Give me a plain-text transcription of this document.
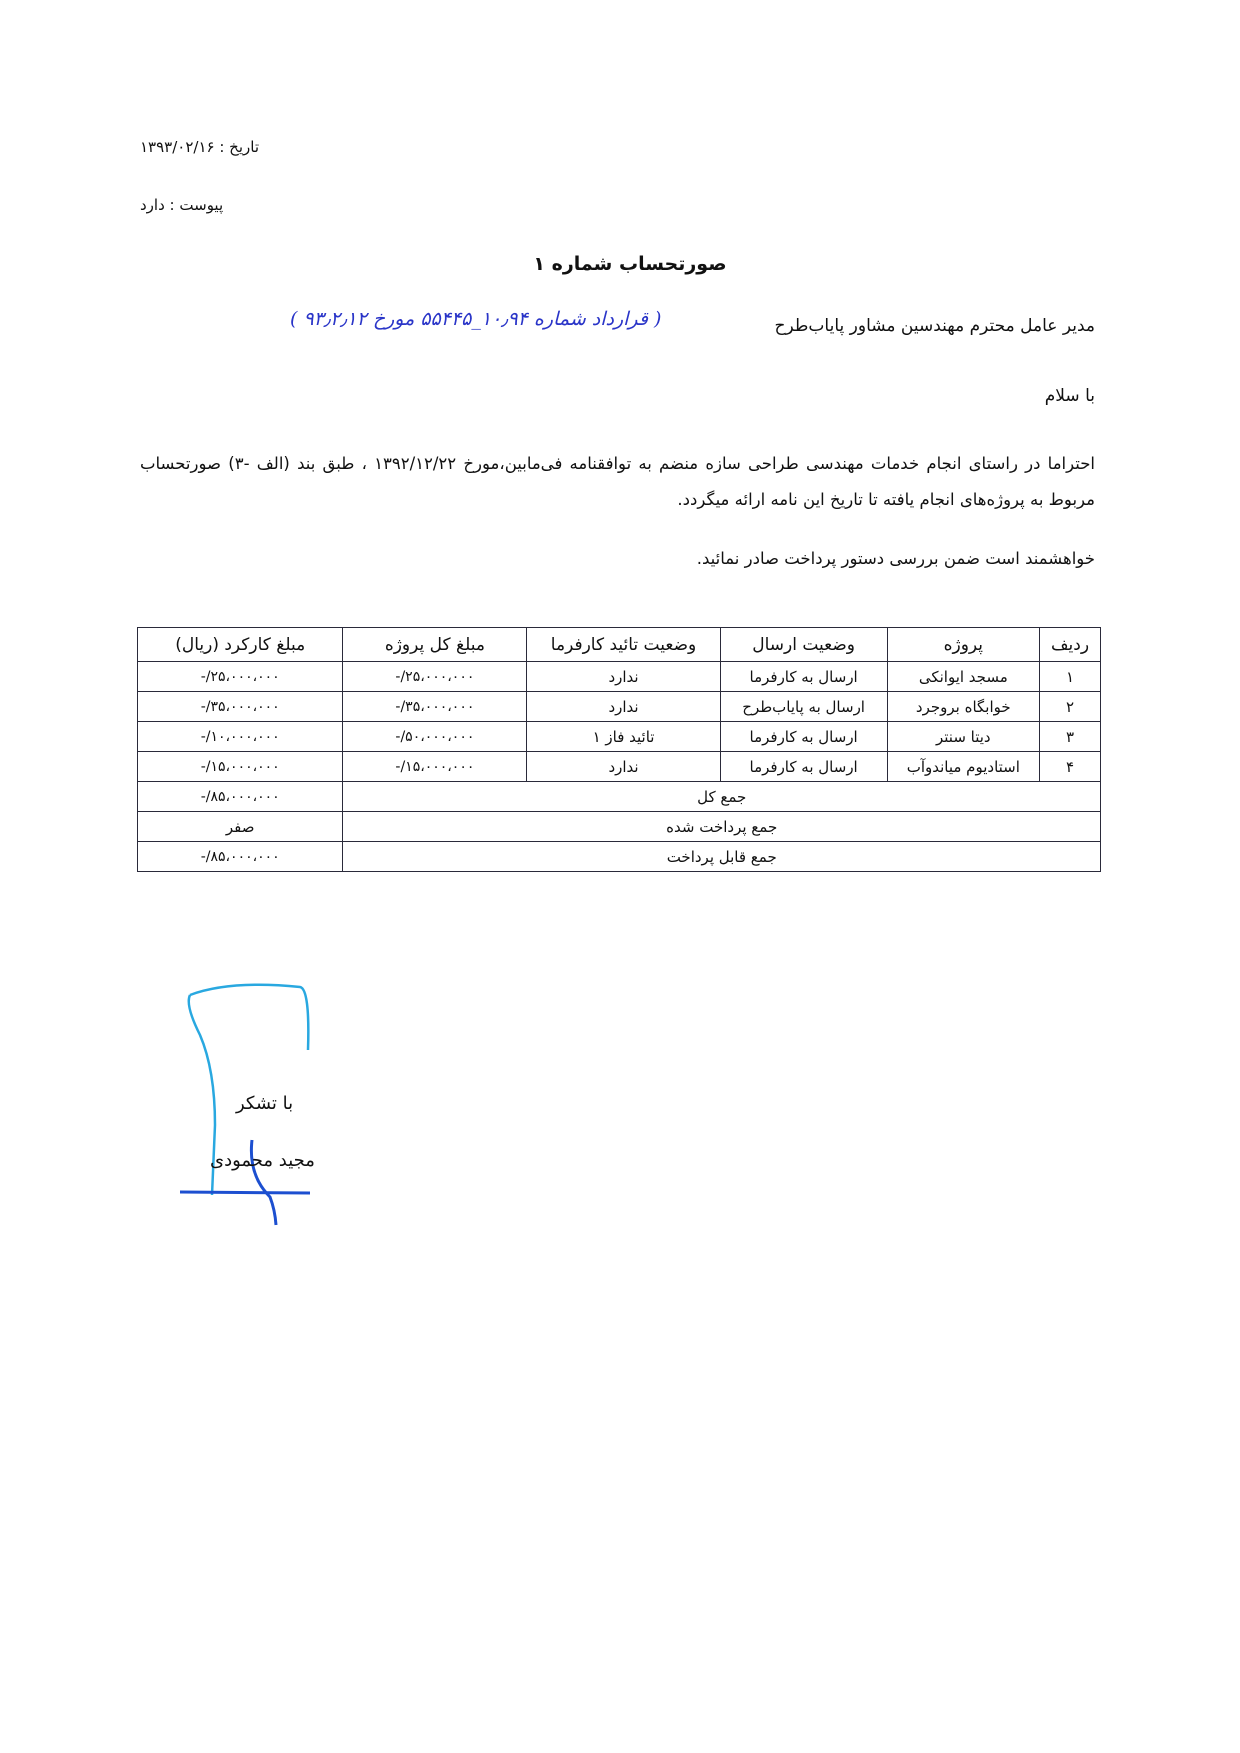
تاریخ : ۱۳۹۳/۰۲/۱۶
پیوست : دارد
صورتحساب شماره ۱
مدیر عامل محترم مهندسین مشاور پایاب‌طرح
( قرارداد شماره ۱۰٫۹۴_۵۵۴۴۵ مورخ ۹۳٫۲٫۱۲ )
با سلام
احتراما در راستای انجام خدمات مهندسی طراحی سازه منضم به توافقنامه فی‌مابین،مورخ ۱۳۹۲/۱۲/۲۲ ، طبق بند (الف -۳) صورتحساب مربوط به پروژه‌های انجام یافته تا تاریخ این نامه ارائه میگردد.
خواهشمند است ضمن بررسی دستور پرداخت صادر نمائید.
ردیف	پروژه	وضعیت ارسال	وضعیت تائید کارفرما	مبلغ کل پروژه	مبلغ کارکرد (ریال)
۱	مسجد ایوانکی	ارسال به کارفرما	ندارد	۲۵،۰۰۰،۰۰۰/-	۲۵،۰۰۰،۰۰۰/-
۲	خوابگاه بروجرد	ارسال به پایاب‌طرح	ندارد	۳۵،۰۰۰،۰۰۰/-	۳۵،۰۰۰،۰۰۰/-
۳	دیتا سنتر	ارسال به کارفرما	تائید فاز ۱	۵۰،۰۰۰،۰۰۰/-	۱۰،۰۰۰،۰۰۰/-
۴	استادیوم میاندوآب	ارسال به کارفرما	ندارد	۱۵،۰۰۰،۰۰۰/-	۱۵،۰۰۰،۰۰۰/-
جمع کل					۸۵،۰۰۰،۰۰۰/-
جمع پرداخت شده					صفر
جمع قابل پرداخت					۸۵،۰۰۰،۰۰۰/-
با تشکر
مجید محمودی
